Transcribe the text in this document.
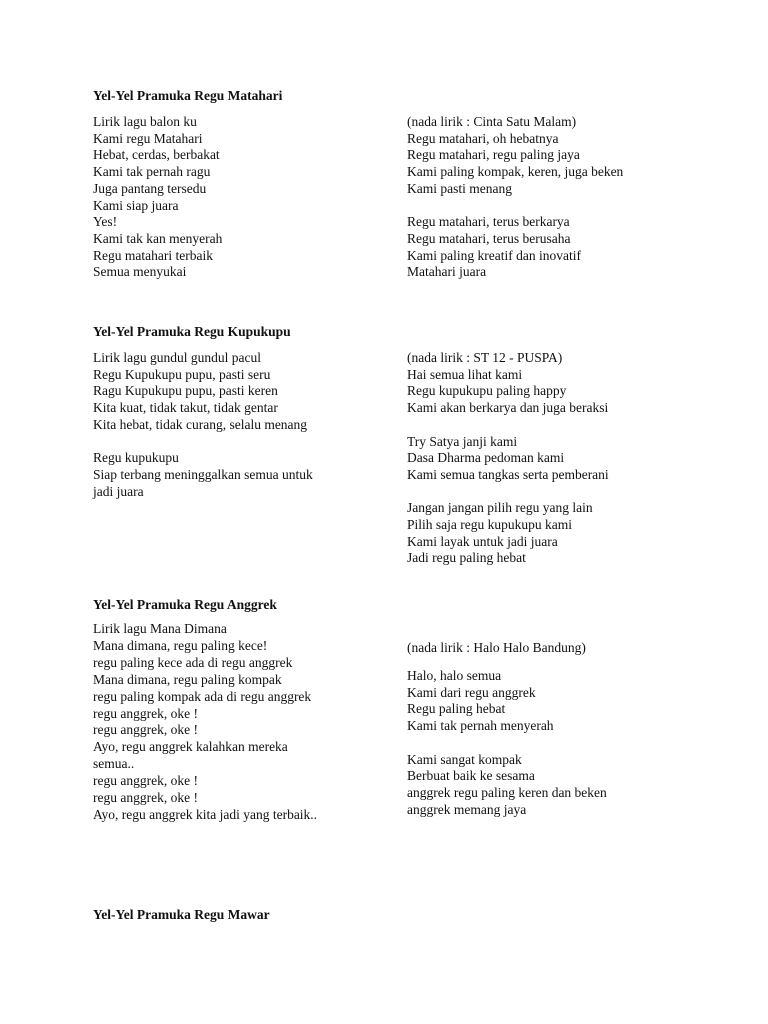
Yel-Yel Pramuka Regu Matahari
Lirik lagu balon ku
Kami regu Matahari
Hebat, cerdas, berbakat
Kami tak pernah ragu
Juga pantang tersedu
Kami siap juara
Yes!
Kami tak kan menyerah
Regu matahari terbaik
Semua menyukai
(nada lirik : Cinta Satu Malam)
Regu matahari, oh hebatnya
Regu matahari, regu paling jaya
Kami paling kompak, keren, juga beken
Kami pasti menang
Regu matahari, terus berkarya
Regu matahari, terus berusaha
Kami paling kreatif dan inovatif
Matahari juara
Yel-Yel Pramuka Regu Kupukupu
Lirik lagu gundul gundul pacul
Regu Kupukupu pupu, pasti seru
Ragu Kupukupu pupu, pasti keren
Kita kuat, tidak takut, tidak gentar
Kita hebat, tidak curang, selalu menang
Regu kupukupu
Siap terbang meninggalkan semua untuk
jadi juara
(nada lirik : ST 12 - PUSPA)
Hai semua lihat kami
Regu kupukupu paling happy
Kami akan berkarya dan juga beraksi
Try Satya janji kami
Dasa Dharma pedoman kami
Kami semua tangkas serta pemberani
Jangan jangan pilih regu yang lain
Pilih saja regu kupukupu kami
Kami layak untuk jadi juara
Jadi regu paling hebat
Yel-Yel Pramuka Regu Anggrek
Lirik lagu Mana Dimana
Mana dimana, regu paling kece!
regu paling kece ada di regu anggrek
Mana dimana, regu paling kompak
regu paling kompak ada di regu anggrek
regu anggrek, oke !
regu anggrek, oke !
Ayo, regu anggrek kalahkan mereka
semua..
regu anggrek, oke !
regu anggrek, oke !
Ayo, regu anggrek kita jadi yang terbaik..
(nada lirik : Halo Halo Bandung)
Halo, halo semua
Kami dari regu anggrek
Regu paling hebat
Kami tak pernah menyerah
Kami sangat kompak
Berbuat baik ke sesama
anggrek regu paling keren dan beken
anggrek memang jaya
Yel-Yel Pramuka Regu Mawar
